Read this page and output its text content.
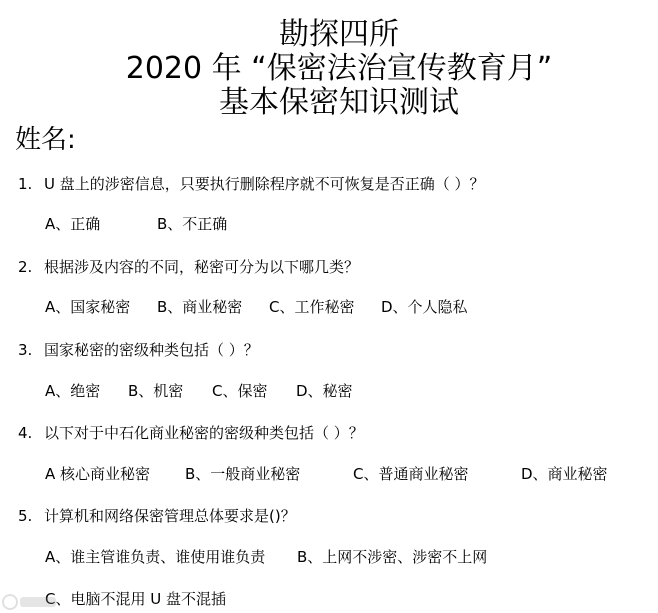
勘探四所
2020 年 “保密法治宣传教育月”
基本保密知识测试
姓名:
1. U 盘上的涉密信息，只要执行删除程序就不可恢复是否正确（ ）？
A、正确	B、不正确
2. 根据涉及内容的不同，秘密可分为以下哪几类？
A、国家秘密 B、商业秘密 C、工作秘密 D、个人隐私
3. 国家秘密的密级种类包括（ ）？
A、绝密 B、机密 C、保密 D、秘密
4. 以下对于中石化商业秘密的密级种类包括（ ）？
A 核心商业秘密 B、一般商业秘密	C、普通商业秘密	D、商业秘密
5. 计算机和网络保密管理总体要求是()？
A、谁主管谁负责、谁使用谁负责 B、上网不涉密、涉密不上网
C、电脑不混用 U 盘不混插
